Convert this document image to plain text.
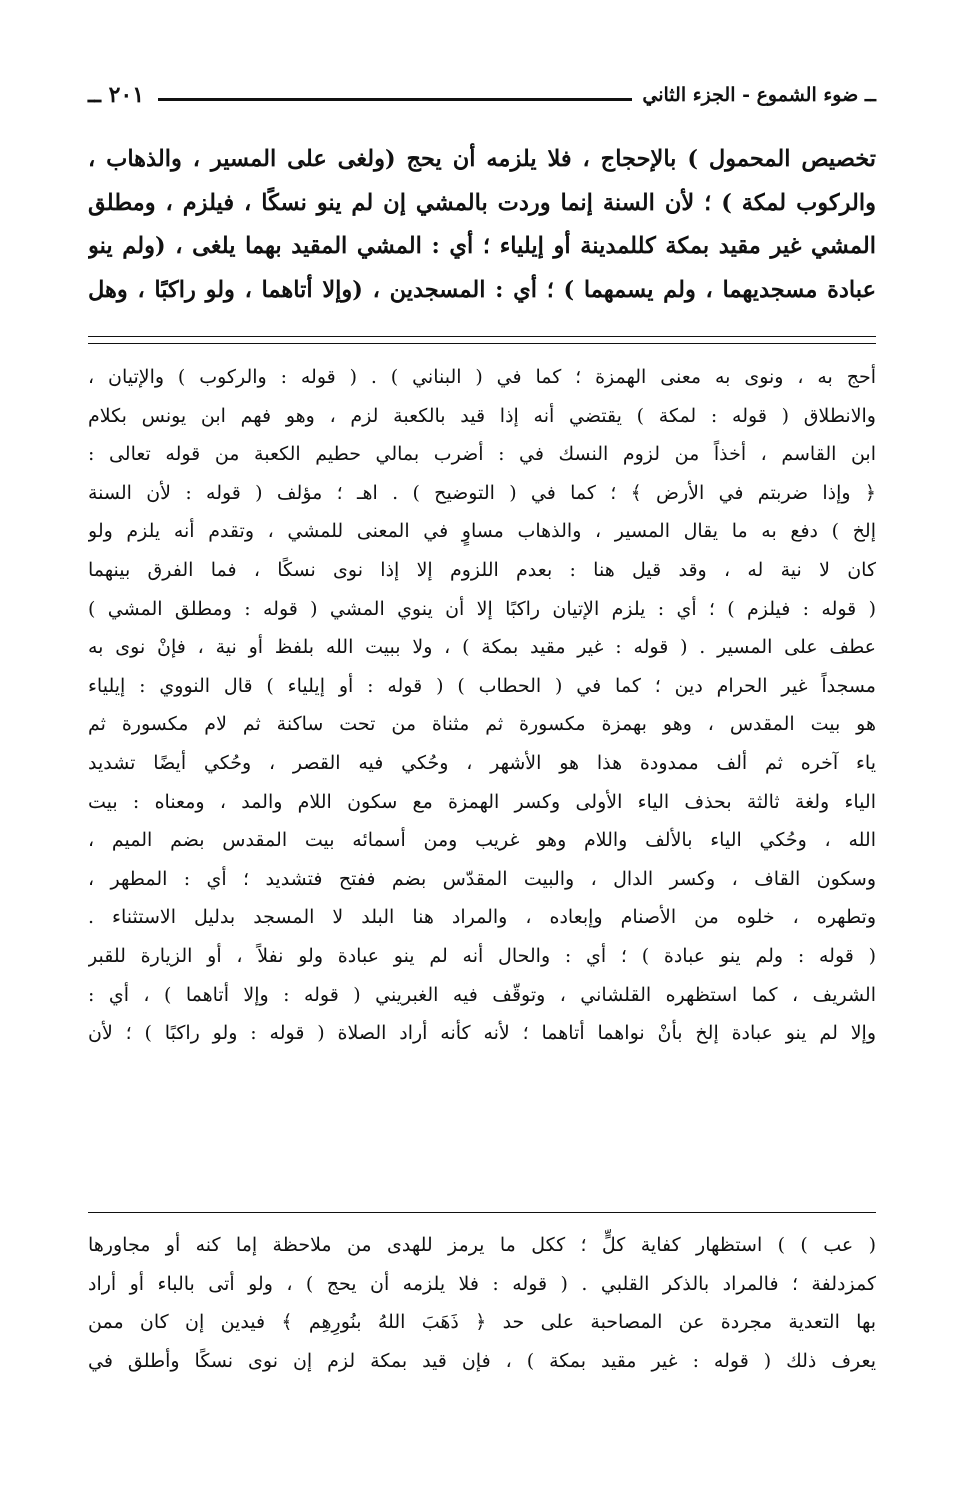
ــ ضوء الشموع - الجزء الثاني
٢٠١ ــ

تخصيص المحمول ) بالإحجاج ، فلا يلزمه أن يحج (ولغى على المسير ، والذهاب ،

والركوب لمكة ) ؛ لأن السنة إنما وردت بالمشي إن لم ينو نسكًا ، فيلزم ، ومطلق

المشي غير مقيد بمكة كللمدينة أو إيلياء ؛ أي : المشي المقيد بهما يلغى ، (ولم ينو

عبادة مسجديهما ، ولم يسمهما ) ؛ أي : المسجدين ، (وإلا أتاهما ، ولو راكبًا ، وهل

أحج به ، ونوى به معنى الهمزة ؛ كما في ( البناني ) . ( قوله : والركوب ) والإتيان ،

والانطلاق ( قوله : لمكة ) يقتضي أنه إذا قيد بالكعبة لزم ، وهو فهم ابن يونس بكلام

ابن القاسم ، أخذاً من لزوم النسك في : أضرب بمالي حطيم الكعبة من قوله تعالى :

﴿ وإذا ضربتم في الأرض ﴾ ؛ كما في ( التوضيح ) . اهـ ؛ مؤلف ( قوله : لأن السنة

إلخ ) دفع به ما يقال المسير ، والذهاب مساوٍ في المعنى للمشي ، وتقدم أنه يلزم ولو

كان لا نية له ، وقد قيل هنا : بعدم اللزوم إلا إذا نوى نسكًا ، فما الفرق بينهما

( قوله : فيلزم ) ؛ أي : يلزم الإتيان راكبًا إلا أن ينوي المشي ( قوله : ومطلق المشي )

عطف على المسير . ( قوله : غير مقيد بمكة ) ، ولا ببيت الله بلفظ أو نية ، فإنْ نوى به

مسجداً غير الحرام دين ؛ كما في ( الحطاب ) ( قوله : أو إيلياء ) قال النووي : إيلياء

هو بيت المقدس ، وهو بهمزة مكسورة ثم مثناة من تحت ساكنة ثم لام مكسورة ثم

ياء آخره ثم ألف ممدودة هذا هو الأشهر ، وحُكي فيه القصر ، وحُكي أيضًا تشديد

الياء ولغة ثالثة بحذف الياء الأولى وكسر الهمزة مع سكون اللام والمد ، ومعناه : بيت

الله ، وحُكي الياء بالألف واللام وهو غريب ومن أسمائه بيت المقدس بضم الميم ،

وسكون القاف ، وكسر الدال ، والبيت المقدّس بضم ففتح فتشديد ؛ أي : المطهر ،

وتطهره ، خلوه من الأصنام وإبعاده ، والمراد هنا البلد لا المسجد بدليل الاستثناء .

( قوله : ولم ينو عبادة ) ؛ أي : والحال أنه لم ينو عبادة ولو نفلاً ، أو الزيارة للقبر

الشريف ، كما استظهره القلشاني ، وتوقّف فيه الغبريني ( قوله : وإلا أتاهما ) ، أي :

وإلا لم ينو عبادة إلخ بأنْ نواهما أتاهما ؛ لأنه كأنه أراد الصلاة ( قوله : ولو راكبًا ) ؛ لأن

( عب ) ) استظهار كفاية كلٍّ ؛ ككل ما يرمز للهدى من ملاحظة إما كنه أو مجاورها

كمزدلفة ؛ فالمراد بالذكر القلبي . ( قوله : فلا يلزمه أن يحج ) ، ولو أتى بالباء أو أراد

بها التعدية مجردة عن المصاحبة على حد ﴿ ذَهَبَ اللهُ بنُورِهِم ﴾ فيدين إن كان ممن

يعرف ذلك ( قوله : غير مقيد بمكة ) ، فإن قيد بمكة لزم إن نوى نسكًا وأطلق في
